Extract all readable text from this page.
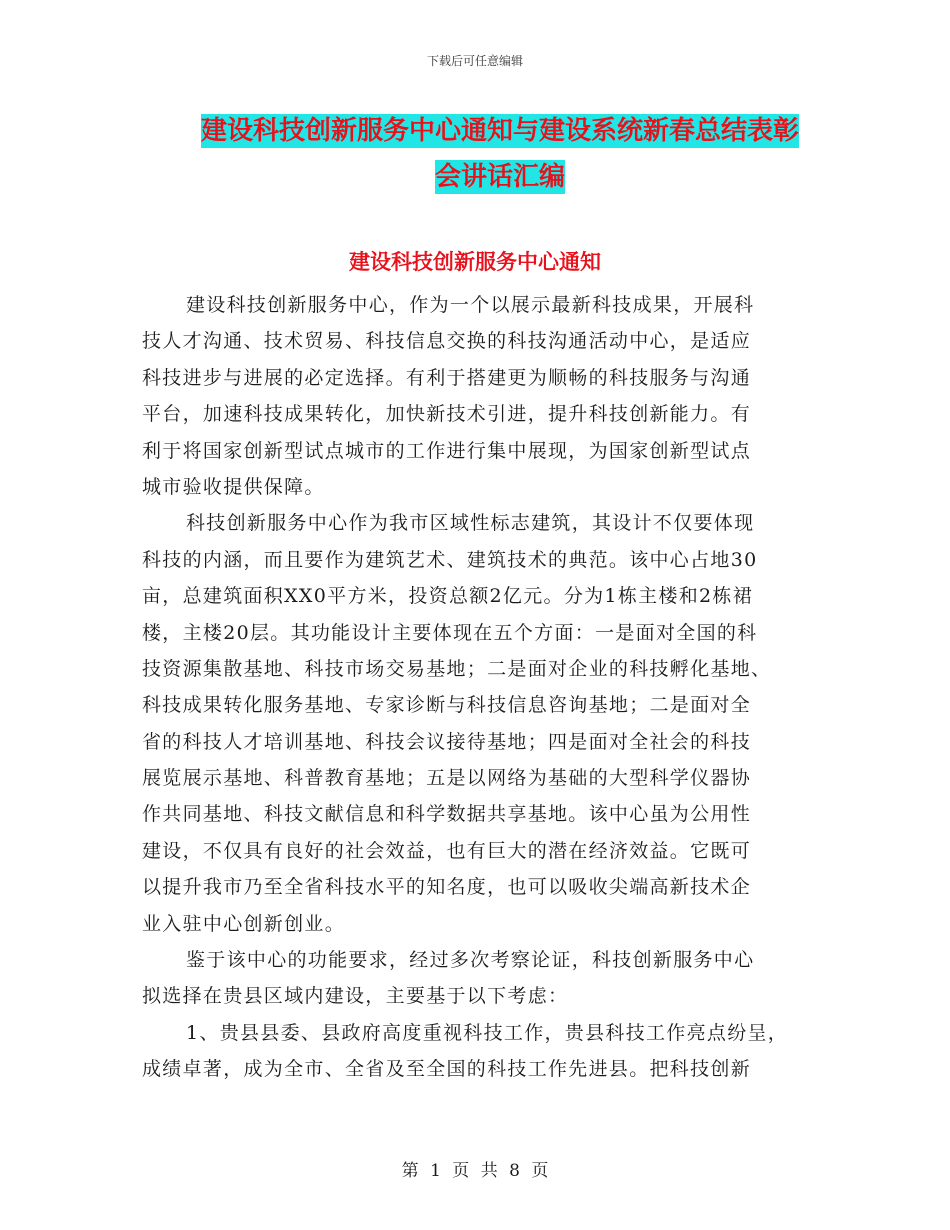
下载后可任意编辑
建设科技创新服务中心通知与建设系统新春总结表彰
会讲话汇编
建设科技创新服务中心通知
建设科技创新服务中心，作为一个以展示最新科技成果，开展科
技人才沟通、技术贸易、科技信息交换的科技沟通活动中心，是适应
科技进步与进展的必定选择。有利于搭建更为顺畅的科技服务与沟通
平台，加速科技成果转化，加快新技术引进，提升科技创新能力。有
利于将国家创新型试点城市的工作进行集中展现，为国家创新型试点
城市验收提供保障。
科技创新服务中心作为我市区域性标志建筑，其设计不仅要体现
科技的内涵，而且要作为建筑艺术、建筑技术的典范。该中心占地30
亩，总建筑面积XX0平方米，投资总额2亿元。分为1栋主楼和2栋裙
楼，主楼20层。其功能设计主要体现在五个方面：一是面对全国的科
技资源集散基地、科技市场交易基地；二是面对企业的科技孵化基地、
科技成果转化服务基地、专家诊断与科技信息咨询基地；二是面对全
省的科技人才培训基地、科技会议接待基地；四是面对全社会的科技
展览展示基地、科普教育基地；五是以网络为基础的大型科学仪器协
作共同基地、科技文献信息和科学数据共享基地。该中心虽为公用性
建设，不仅具有良好的社会效益，也有巨大的潜在经济效益。它既可
以提升我市乃至全省科技水平的知名度，也可以吸收尖端高新技术企
业入驻中心创新创业。
鉴于该中心的功能要求，经过多次考察论证，科技创新服务中心
拟选择在贵县区域内建设，主要基于以下考虑：
1、贵县县委、县政府高度重视科技工作，贵县科技工作亮点纷呈，
成绩卓著，成为全市、全省及至全国的科技工作先进县。把科技创新
第 1 页 共 8 页
